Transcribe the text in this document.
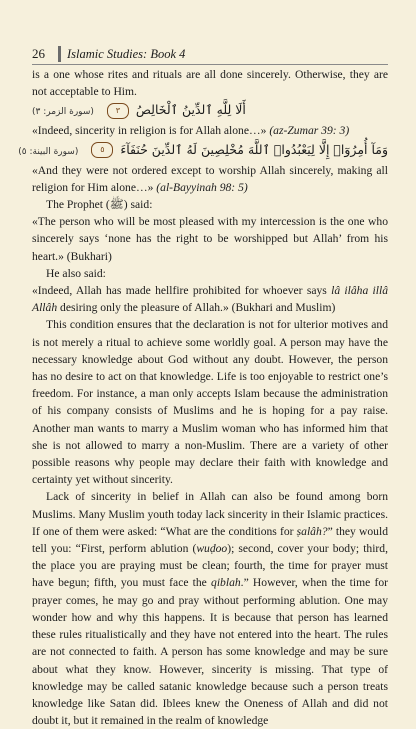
26 Islamic Studies: Book 4

is a one whose rites and rituals are all done sincerely. Otherwise, they are not acceptable to Him.

أَلَا لِلَّهِ ٱلدِّينُ ٱلْخَالِصُ ٣ (سورة الزمر: ٣)

«Indeed, sincerity in religion is for Allah alone…» (az-Zumar 39: 3)

وَمَآ أُمِرُوٓا۟ إِلَّا لِيَعْبُدُوا۟ ٱللَّهَ مُخْلِصِينَ لَهُ ٱلدِّينَ حُنَفَآءَ ٥ (سورة البينة: ٥)

«And they were not ordered except to worship Allah sincerely, making all religion for Him alone…» (al-Bayyinah 98: 5)

The Prophet (ﷺ) said:

«The person who will be most pleased with my intercession is the one who sincerely says ‘none has the right to be worshipped but Allah’ from his heart.» (Bukhari)

He also said:

«Indeed, Allah has made hellfire prohibited for whoever says lâ ilâha illâ Allâh desiring only the pleasure of Allah.» (Bukhari and Muslim)

This condition ensures that the declaration is not for ulterior motives and is not merely a ritual to achieve some worldly goal. A person may have the necessary knowledge about God without any doubt. However, the person has no desire to act on that knowledge. Life is too enjoyable to restrict one’s freedom. For instance, a man only accepts Islam because the administration of his company consists of Muslims and he is hoping for a pay raise. Another man wants to marry a Muslim woman who has informed him that she is not allowed to marry a non-Muslim. There are a variety of other possible reasons why people may declare their faith with knowledge and certainty yet without sincerity.

Lack of sincerity in belief in Allah can also be found among born Muslims. Many Muslim youth today lack sincerity in their Islamic practices. If one of them were asked: “What are the conditions for ṣalâh?” they would tell you: “First, perform ablution (wuḍoo); second, cover your body; third, the place you are praying must be clean; fourth, the time for prayer must have begun; fifth, you must face the qiblah.” However, when the time for prayer comes, he may go and pray without performing ablution. One may wonder how and why this happens. It is because that person has learned these rules ritualistically and they have not entered into the heart. The rules are not connected to faith. A person has some knowledge and may be sure about what they know. However, sincerity is missing. That type of knowledge may be called satanic knowledge because such a person treats knowledge like Satan did. Iblees knew the Oneness of Allah and did not doubt it, but it remained in the realm of knowledge
